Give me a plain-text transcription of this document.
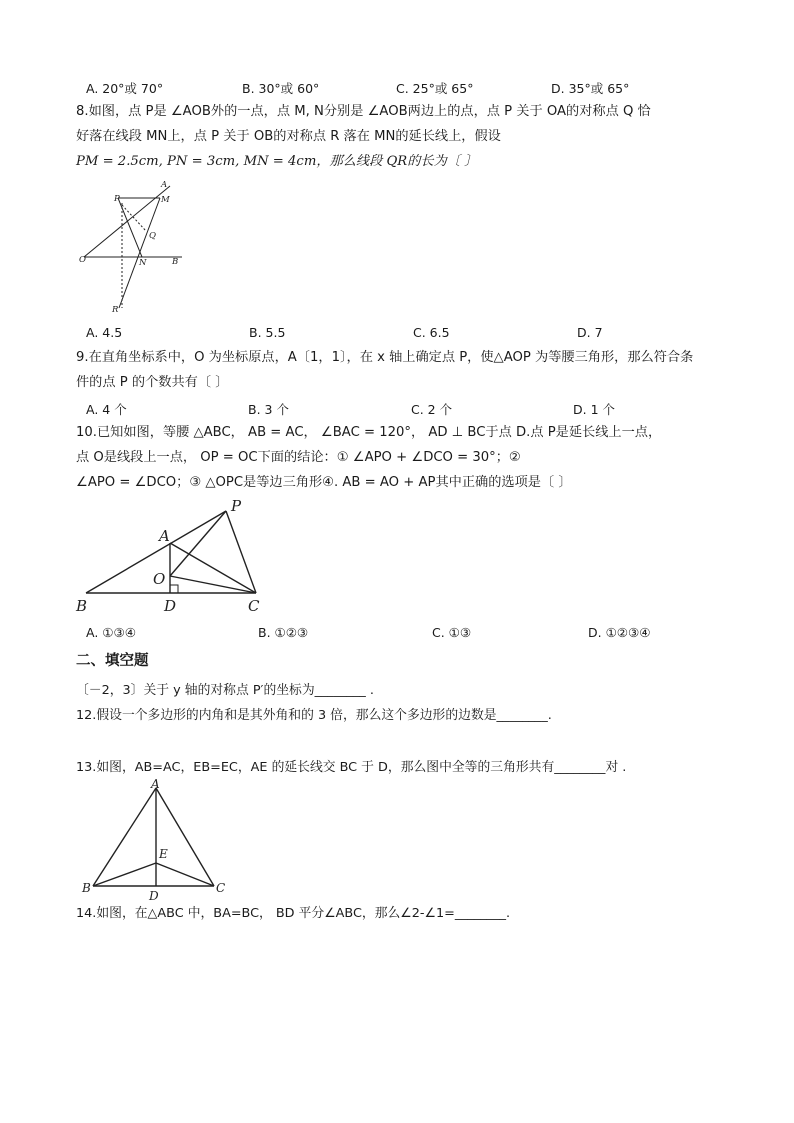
A. 20°或 70°	B. 30°或 60°	C. 25°或 65°	D. 35°或 65°
8.如图，点 P是 ∠AOB外的一点，点 M, N分别是 ∠AOB两边上的点，点 P 关于 OA的对称点 Q 恰
好落在线段 MN上，点 P 关于 OB的对称点 R 落在 MN的延长线上，假设
PM = 2.5cm, PN = 3cm, MN = 4cm，那么线段 QR的长为〔 〕
P
A
M
Q
O	N	B
R
A. 4.5	B. 5.5	C. 6.5	D. 7
9.在直角坐标系中，O 为坐标原点，A〔1，1〕，在 x 轴上确定点 P，使△AOP 为等腰三角形，那么符合条
件的点 P 的个数共有〔 〕
A. 4 个	B. 3 个	C. 2 个	D. 1 个
10.已知如图，等腰 △ABC， AB = AC， ∠BAC = 120°， AD ⊥ BC于点 D.点 P是延长线上一点，
点 O是线段上一点， OP = OC下面的结论：① ∠APO + ∠DCO = 30°；②
∠APO = ∠DCO；③ △OPC是等边三角形④. AB = AO + AP其中正确的选项是〔 〕
P
A
O
B	D	C
A. ①③④	B. ①②③	C. ①③	D. ①②③④
二、填空题
〔－2，3〕关于 y 轴的对称点 P′的坐标为________ .
12.假设一个多边形的内角和是其外角和的 3 倍，那么这个多边形的边数是________.
13.如图，AB=AC，EB=EC，AE 的延长线交 BC 于 D，那么图中全等的三角形共有________对 .
A
E
B
D
C
14.如图，在△ABC 中，BA=BC， BD 平分∠ABC，那么∠2-∠1=________.
